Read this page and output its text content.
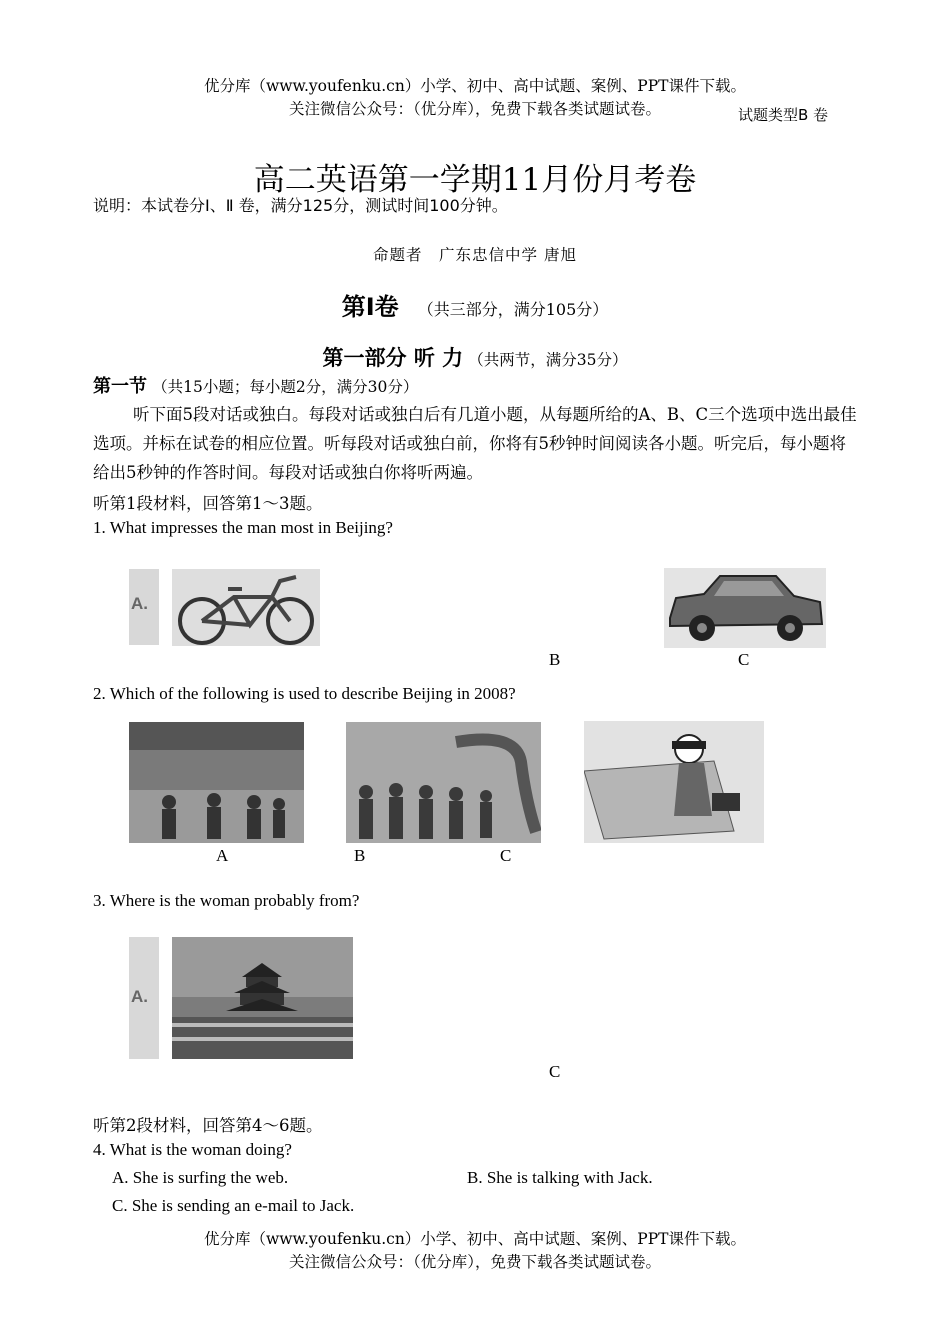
优分库（www.youfenku.cn）小学、初中、高中试题、案例、PPT课件下载。
关注微信公众号：（优分库），免费下载各类试题试卷。	试题类型B 卷
高二英语第一学期11月份月考卷
说明：本试卷分Ⅰ、Ⅱ 卷，满分125分，测试时间100分钟。
命题者　广东忠信中学 唐旭
第Ⅰ卷 （共三部分，满分105分）
第一部分 听 力 （共两节，满分35分）
第一节 （共15小题；每小题2分，满分30分）
听下面5段对话或独白。每段对话或独白后有几道小题，从每题所给的A、B、C三个选项中选出最佳选项。并标在试卷的相应位置。听每段对话或独白前，你将有5秒钟时间阅读各小题。听完后，每小题将给出5秒钟的作答时间。每段对话或独白你将听两遍。
听第1段材料，回答第1～3题。
1. What impresses the man most in Beijing?
A.
B	C
2. Which of the following is used to describe Beijing in 2008?
A	B	C
3. Where is the woman probably from?
A.
C
听第2段材料，回答第4～6题。
4. What is the woman doing?
A. She is surfing the web.	B. She is talking with Jack.
C. She is sending an e-mail to Jack.
优分库（www.youfenku.cn）小学、初中、高中试题、案例、PPT课件下载。
关注微信公众号：（优分库），免费下载各类试题试卷。
